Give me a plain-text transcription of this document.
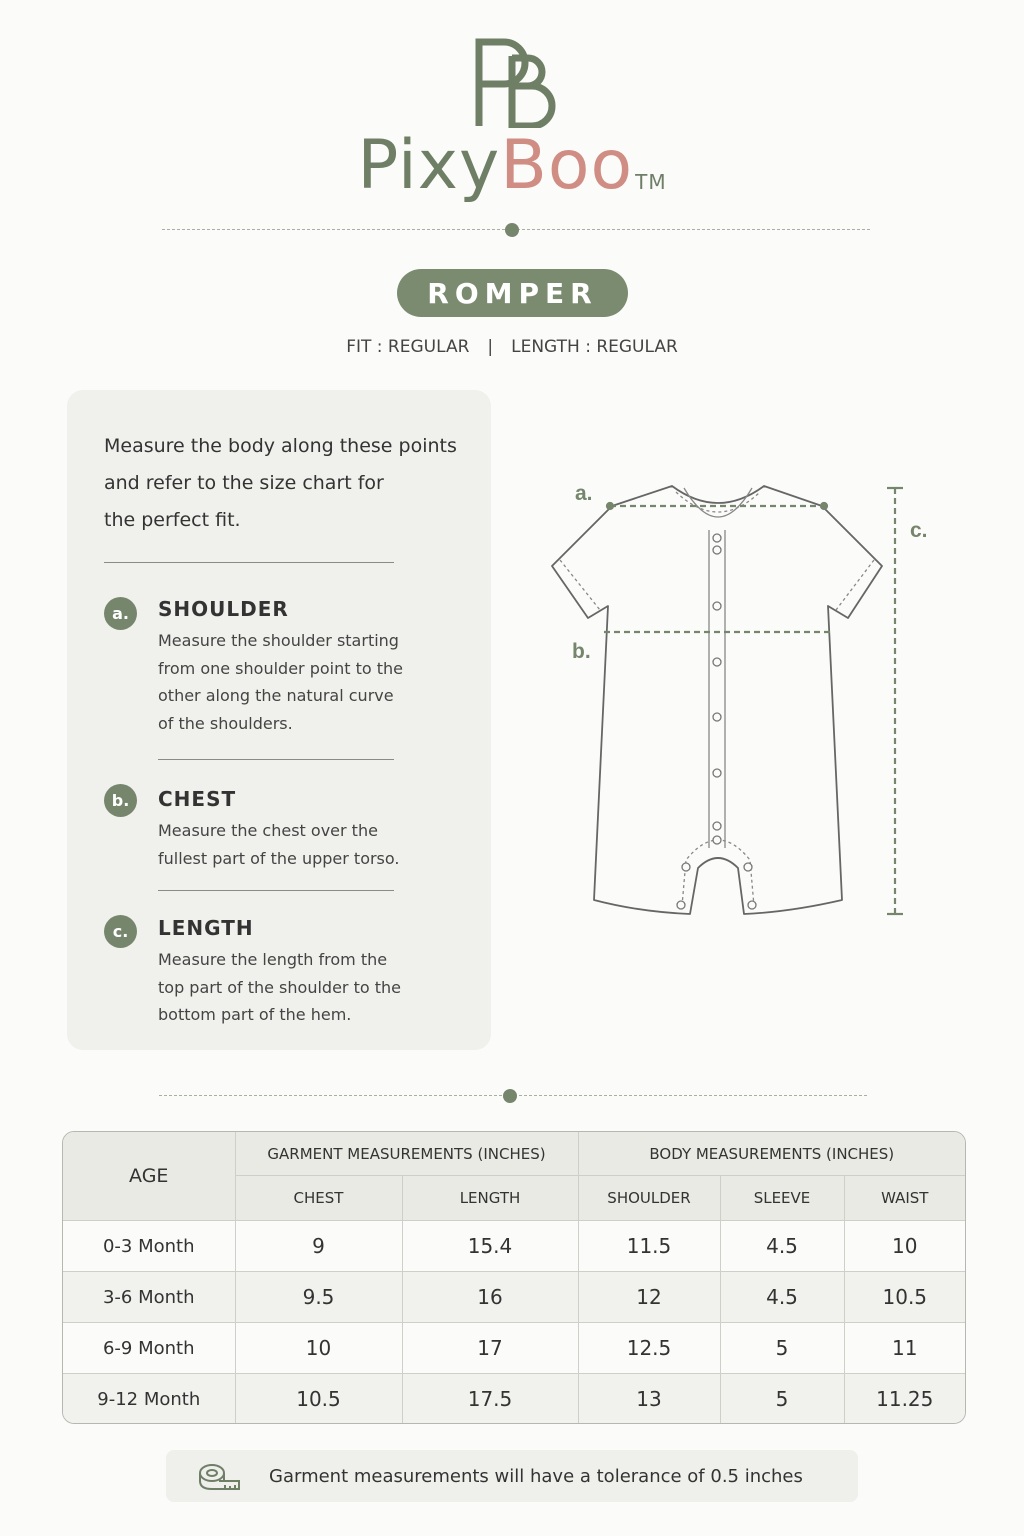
PixyBoo ™
ROMPER
FIT : REGULAR | LENGTH : REGULAR
Measure the body along these points
and refer to the size chart for
the perfect fit.
a.	SHOULDER
Measure the shoulder starting
from one shoulder point to the
other along the natural curve
of the shoulders.
b.	CHEST
Measure the chest over the
fullest part of the upper torso.
c.	LENGTH
Measure the length from the
top part of the shoulder to the
bottom part of the hem.
a.
b.
c.
AGE	GARMENT MEASUREMENTS (INCHES)		BODY MEASUREMENTS (INCHES)		
	CHEST	LENGTH	SHOULDER	SLEEVE	WAIST
0-3 Month	9	15.4	11.5	4.5	10
3-6 Month	9.5	16	12	4.5	10.5
6-9 Month	10	17	12.5	5	11
9-12 Month	10.5	17.5	13	5	11.25
Garment measurements will have a tolerance of 0.5 inches
